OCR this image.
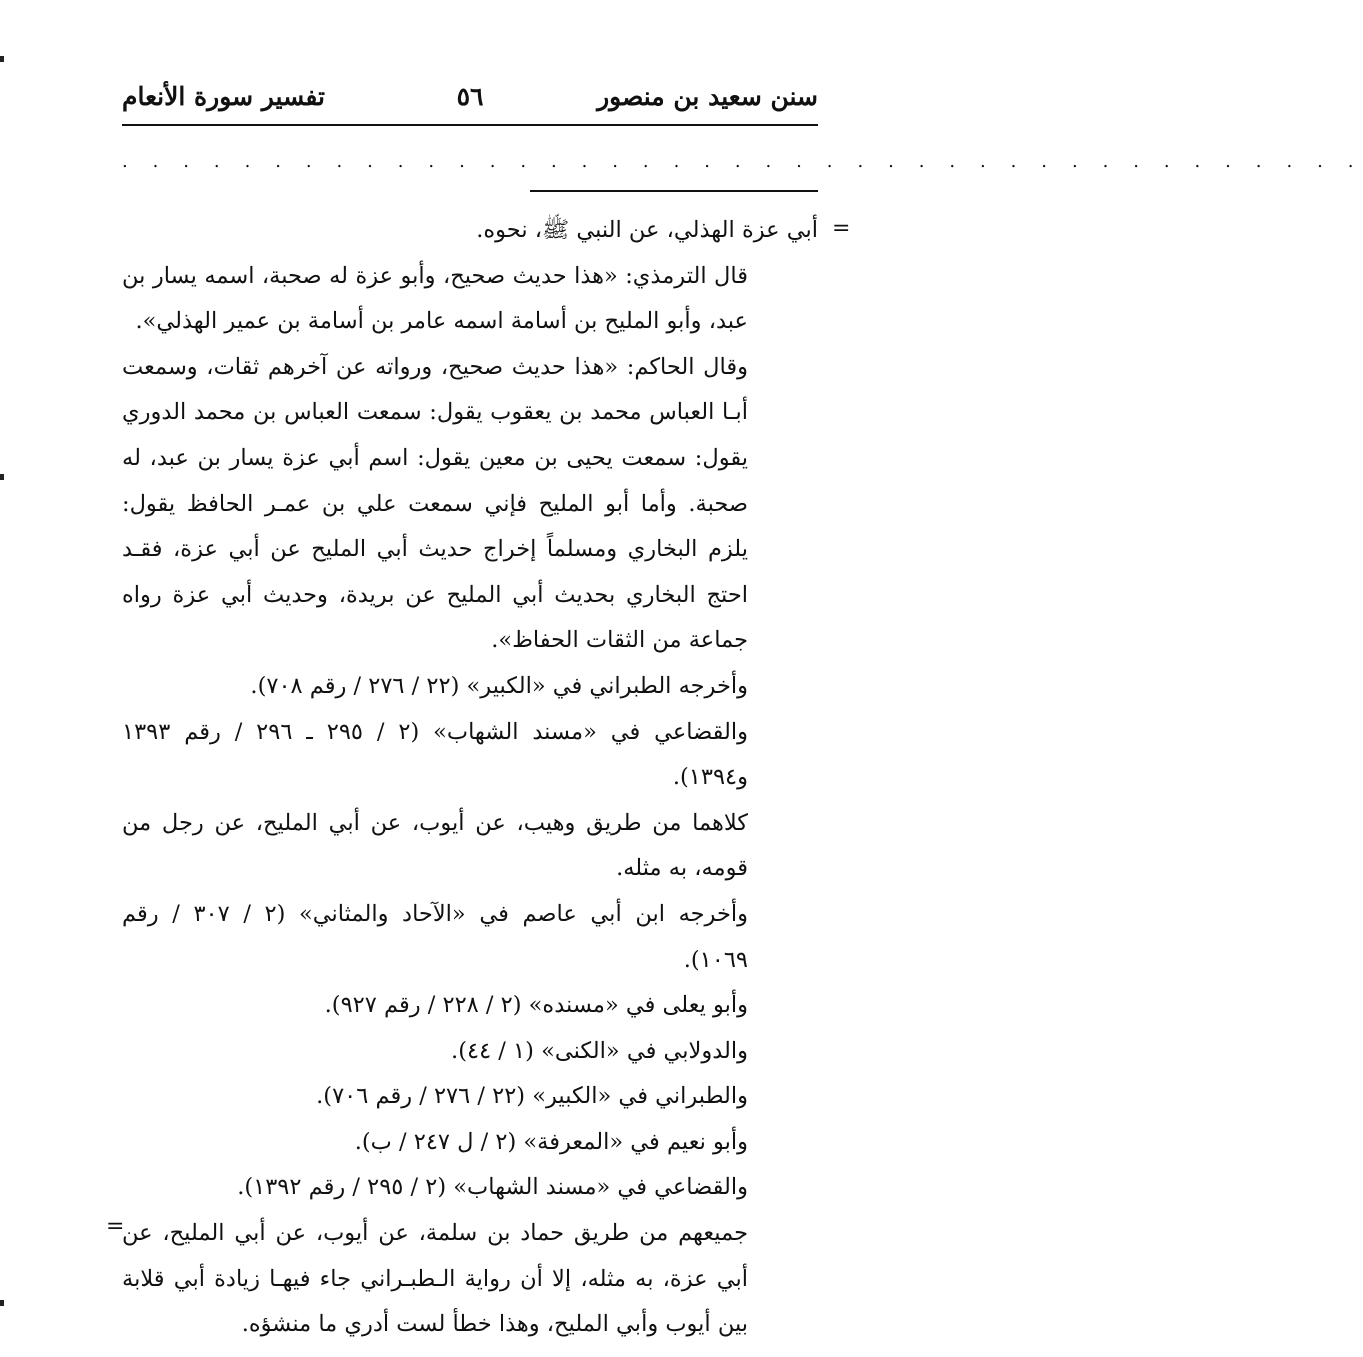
سنن سعيد بن منصور
٥٦
تفسير سورة الأنعام
. . . . . . . . . . . . . . . . . . . . . . . . . . . . . . . . . . . . . . . . .
=

أبي عزة الهذلي، عن النبي ﷺ، نحوه.

قال الترمذي: «هذا حديث صحيح، وأبو عزة له صحبة، اسمه يسار بن عبد، وأبو المليح بن أسامة اسمه عامر بن أسامة بن عمير الهذلي».

وقال الحاكم: «هذا حديث صحيح، ورواته عن آخرهم ثقات، وسمعت أبـا العباس محمد بن يعقوب يقول: سمعت العباس بن محمد الدوري يقول: سمعت يحيى بن معين يقول: اسم أبي عزة يسار بن عبد، له صحبة. وأما أبو المليح فإني سمعت علي بن عمـر الحافظ يقول: يلزم البخاري ومسلماً إخراج حديث أبي المليح عن أبي عزة، فقـد احتج البخاري بحديث أبي المليح عن بريدة، وحديث أبي عزة رواه جماعة من الثقات الحفاظ».

وأخرجه الطبراني في «الكبير» (٢٢ / ٢٧٦ / رقم ٧٠٨).

والقضاعي في «مسند الشهاب» (٢ / ٢٩٥ ـ ٢٩٦ / رقم ١٣٩٣ و١٣٩٤).

كلاهما من طريق وهيب، عن أيوب، عن أبي المليح، عن رجل من قومه، به مثله.

وأخرجه ابن أبي عاصم في «الآحاد والمثاني» (٢ / ٣٠٧ / رقم ١٠٦٩).

وأبو يعلى في «مسنده» (٢ / ٢٢٨ / رقم ٩٢٧).

والدولابي في «الكنى» (١ / ٤٤).

والطبراني في «الكبير» (٢٢ / ٢٧٦ / رقم ٧٠٦).

وأبو نعيم في «المعرفة» (٢ / ل ٢٤٧ / ب).

والقضاعي في «مسند الشهاب» (٢ / ٢٩٥ / رقم ١٣٩٢).

جميعهم من طريق حماد بن سلمة، عن أيوب، عن أبي المليح، عن أبي عزة، به مثله، إلا أن رواية الـطبـراني جاء فيهـا زيادة أبي قلابة بين أيوب وأبي المليح، وهذا خطأ لست أدري ما منشؤه.

=
